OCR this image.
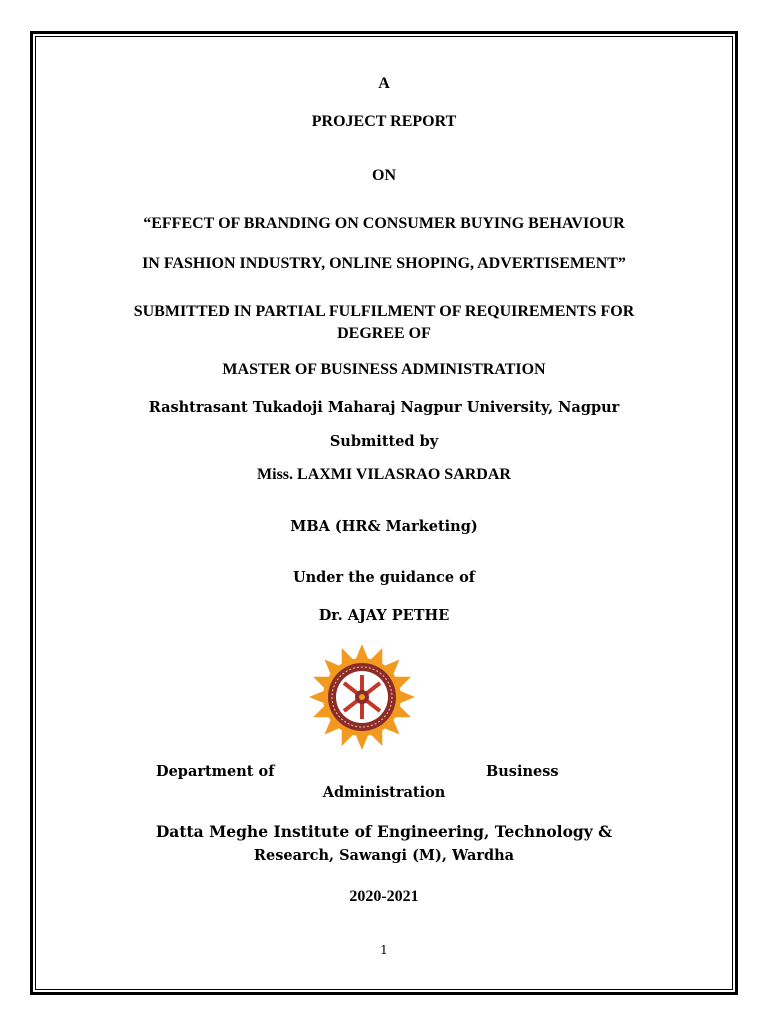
A
PROJECT REPORT
ON
“EFFECT OF BRANDING ON CONSUMER BUYING BEHAVIOUR
IN FASHION INDUSTRY, ONLINE SHOPING, ADVERTISEMENT”
SUBMITTED IN PARTIAL FULFILMENT OF REQUIREMENTS FOR
DEGREE OF
MASTER OF BUSINESS ADMINISTRATION
Rashtrasant Tukadoji Maharaj Nagpur University, Nagpur
Submitted by
Miss. LAXMI VILASRAO SARDAR
MBA (HR& Marketing)
Under the guidance of
Dr. AJAY PETHE
Department of	Business
Administration
Datta Meghe Institute of Engineering, Technology &
Research, Sawangi (M), Wardha
2020-2021
1
